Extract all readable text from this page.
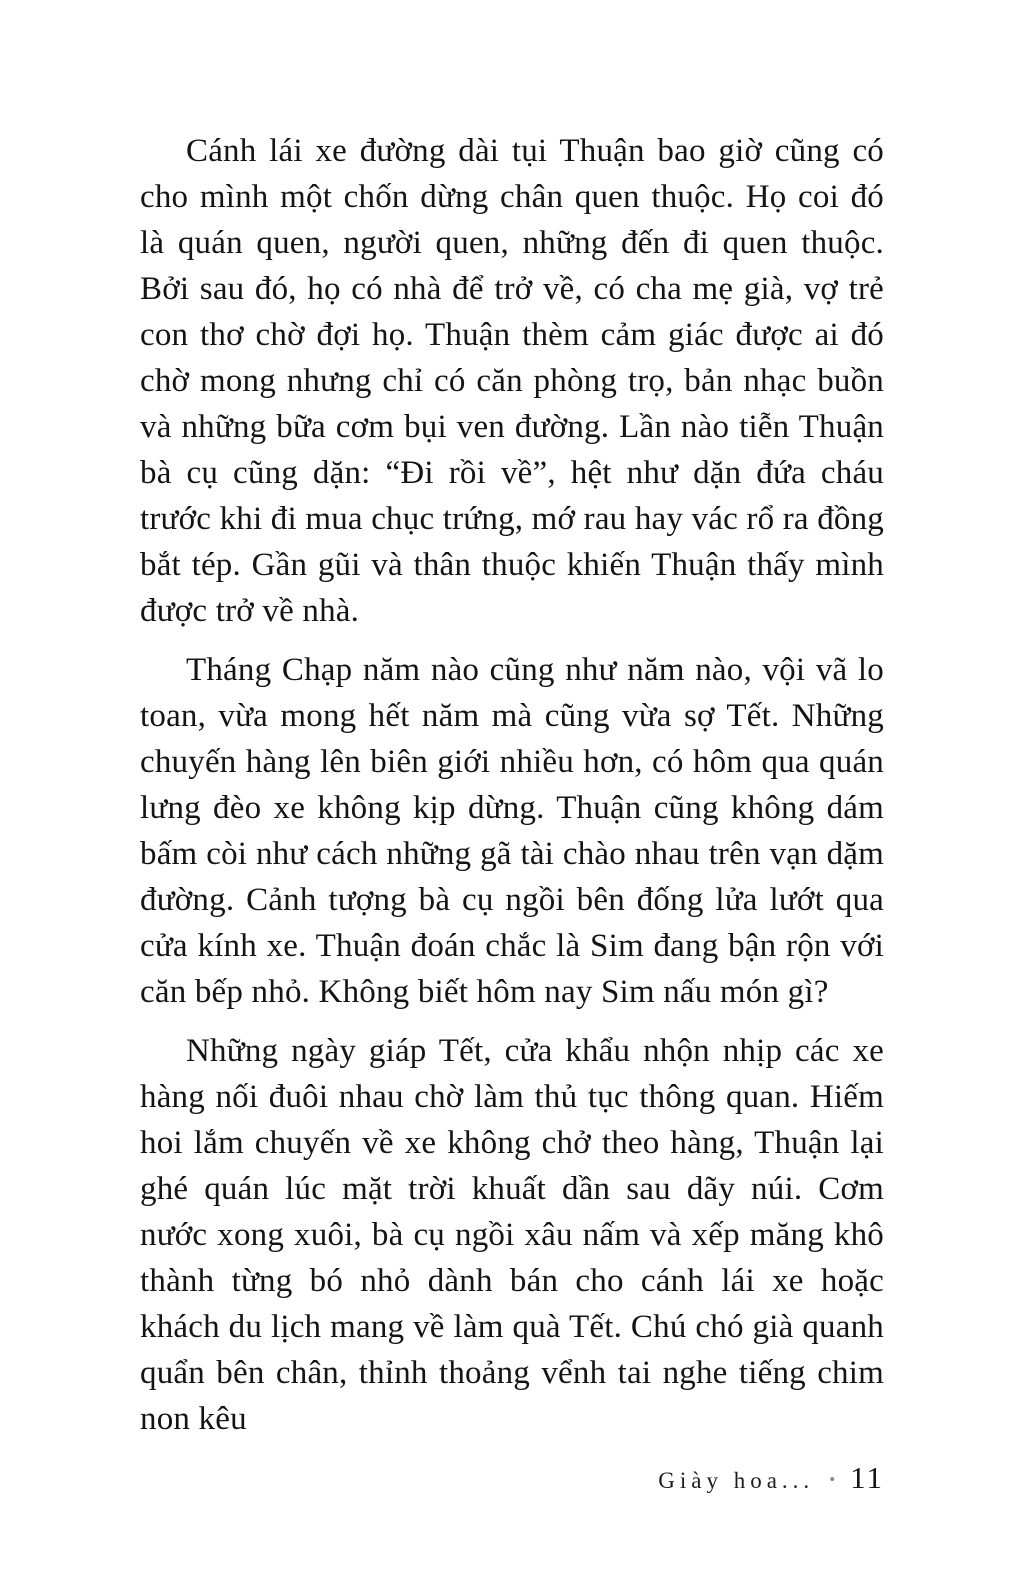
Cánh lái xe đường dài tụi Thuận bao giờ cũng có cho mình một chốn dừng chân quen thuộc. Họ coi đó là quán quen, người quen, những đến đi quen thuộc. Bởi sau đó, họ có nhà để trở về, có cha mẹ già, vợ trẻ con thơ chờ đợi họ. Thuận thèm cảm giác được ai đó chờ mong nhưng chỉ có căn phòng trọ, bản nhạc buồn và những bữa cơm bụi ven đường. Lần nào tiễn Thuận bà cụ cũng dặn: “Đi rồi về”, hệt như dặn đứa cháu trước khi đi mua chục trứng, mớ rau hay vác rổ ra đồng bắt tép. Gần gũi và thân thuộc khiến Thuận thấy mình được trở về nhà.

Tháng Chạp năm nào cũng như năm nào, vội vã lo toan, vừa mong hết năm mà cũng vừa sợ Tết. Những chuyến hàng lên biên giới nhiều hơn, có hôm qua quán lưng đèo xe không kịp dừng. Thuận cũng không dám bấm còi như cách những gã tài chào nhau trên vạn dặm đường. Cảnh tượng bà cụ ngồi bên đống lửa lướt qua cửa kính xe. Thuận đoán chắc là Sim đang bận rộn với căn bếp nhỏ. Không biết hôm nay Sim nấu món gì?

Những ngày giáp Tết, cửa khẩu nhộn nhịp các xe hàng nối đuôi nhau chờ làm thủ tục thông quan. Hiếm hoi lắm chuyến về xe không chở theo hàng, Thuận lại ghé quán lúc mặt trời khuất dần sau dãy núi. Cơm nước xong xuôi, bà cụ ngồi xâu nấm và xếp măng khô thành từng bó nhỏ dành bán cho cánh lái xe hoặc khách du lịch mang về làm quà Tết. Chú chó già quanh quẩn bên chân, thỉnh thoảng vểnh tai nghe tiếng chim non kêu

Giày hoa... • 11
